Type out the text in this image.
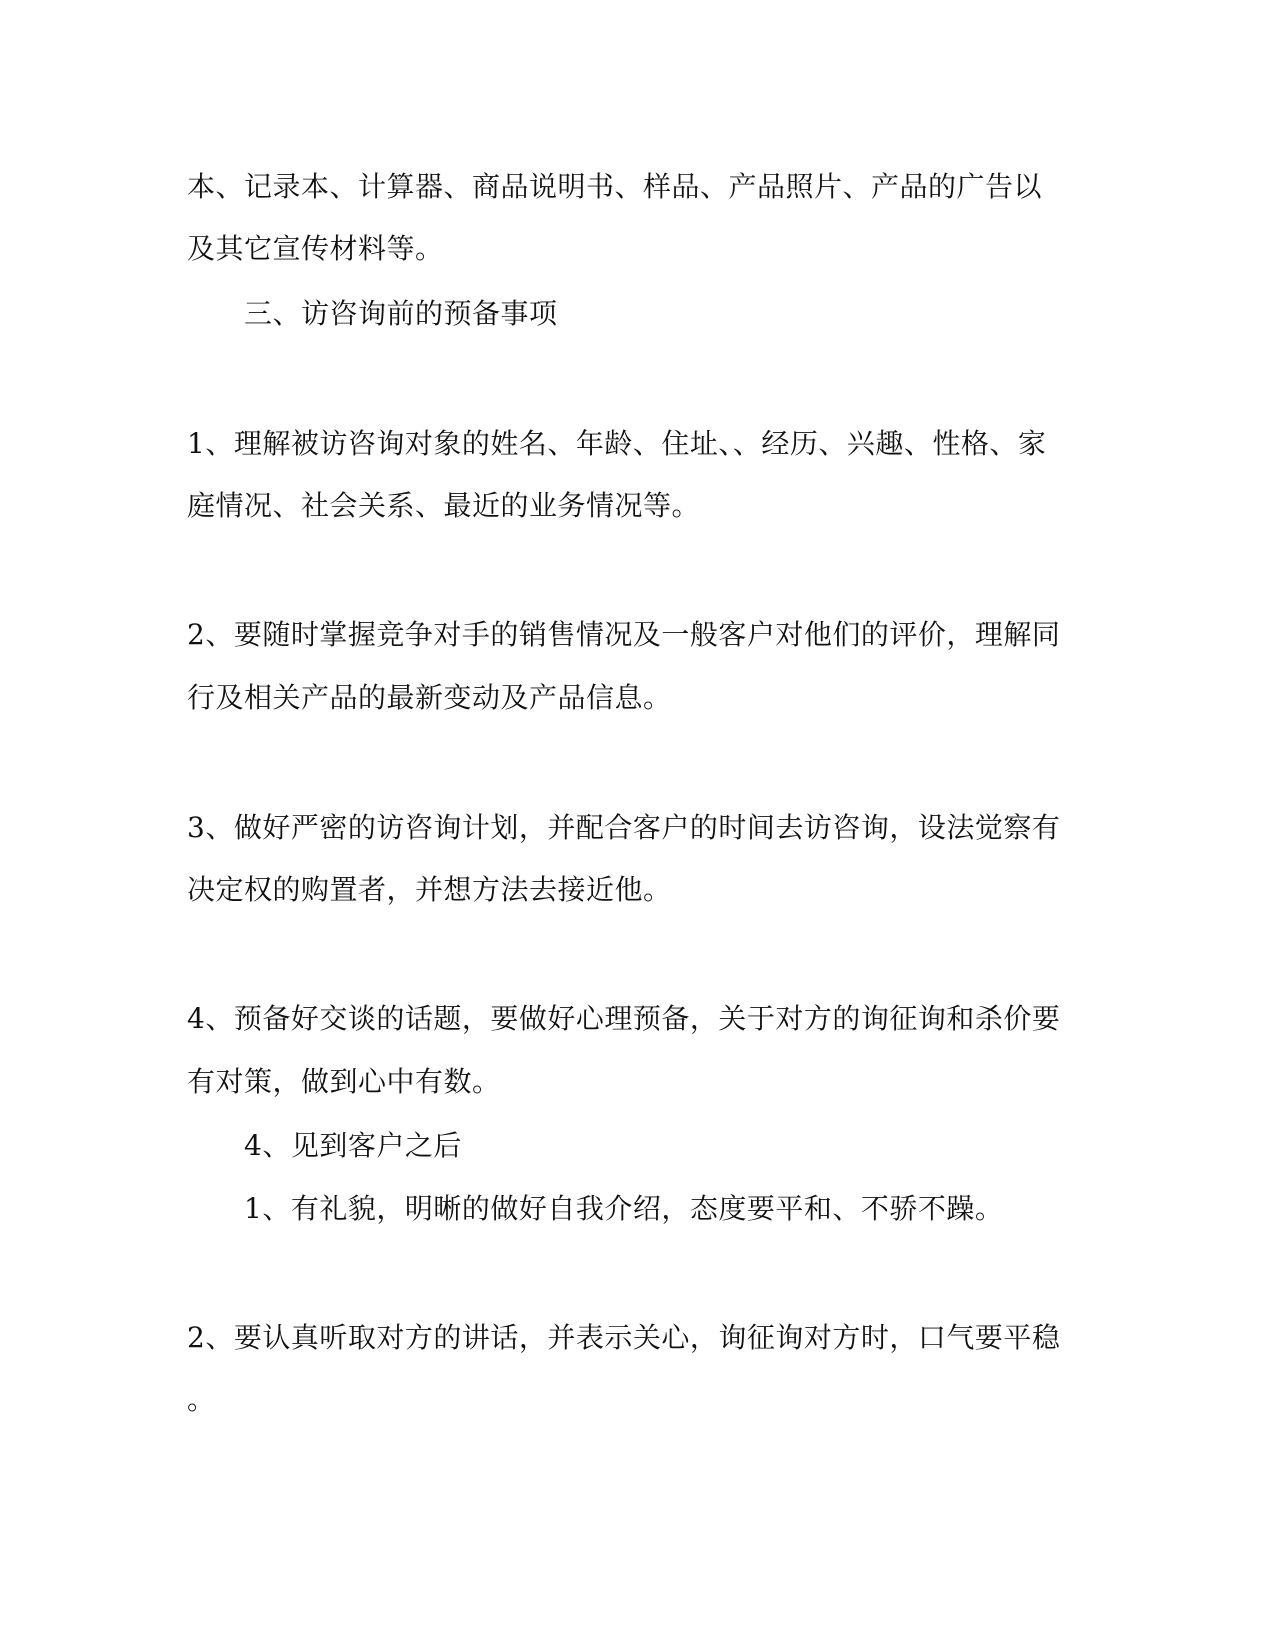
本、记录本、计算器、商品说明书、样品、产品照片、产品的广告以
及其它宣传材料等。
三、访咨询前的预备事项
1、理解被访咨询对象的姓名、年龄、住址、、经历、兴趣、性格、家
庭情况、社会关系、最近的业务情况等。
2、要随时掌握竞争对手的销售情况及一般客户对他们的评价，理解同
行及相关产品的最新变动及产品信息。
3、做好严密的访咨询计划，并配合客户的时间去访咨询，设法觉察有
决定权的购置者，并想方法去接近他。
4、预备好交谈的话题，要做好心理预备，关于对方的询征询和杀价要
有对策，做到心中有数。
4、见到客户之后
1、有礼貌，明晰的做好自我介绍，态度要平和、不骄不躁。
2、要认真听取对方的讲话，并表示关心，询征询对方时，口气要平稳
。
